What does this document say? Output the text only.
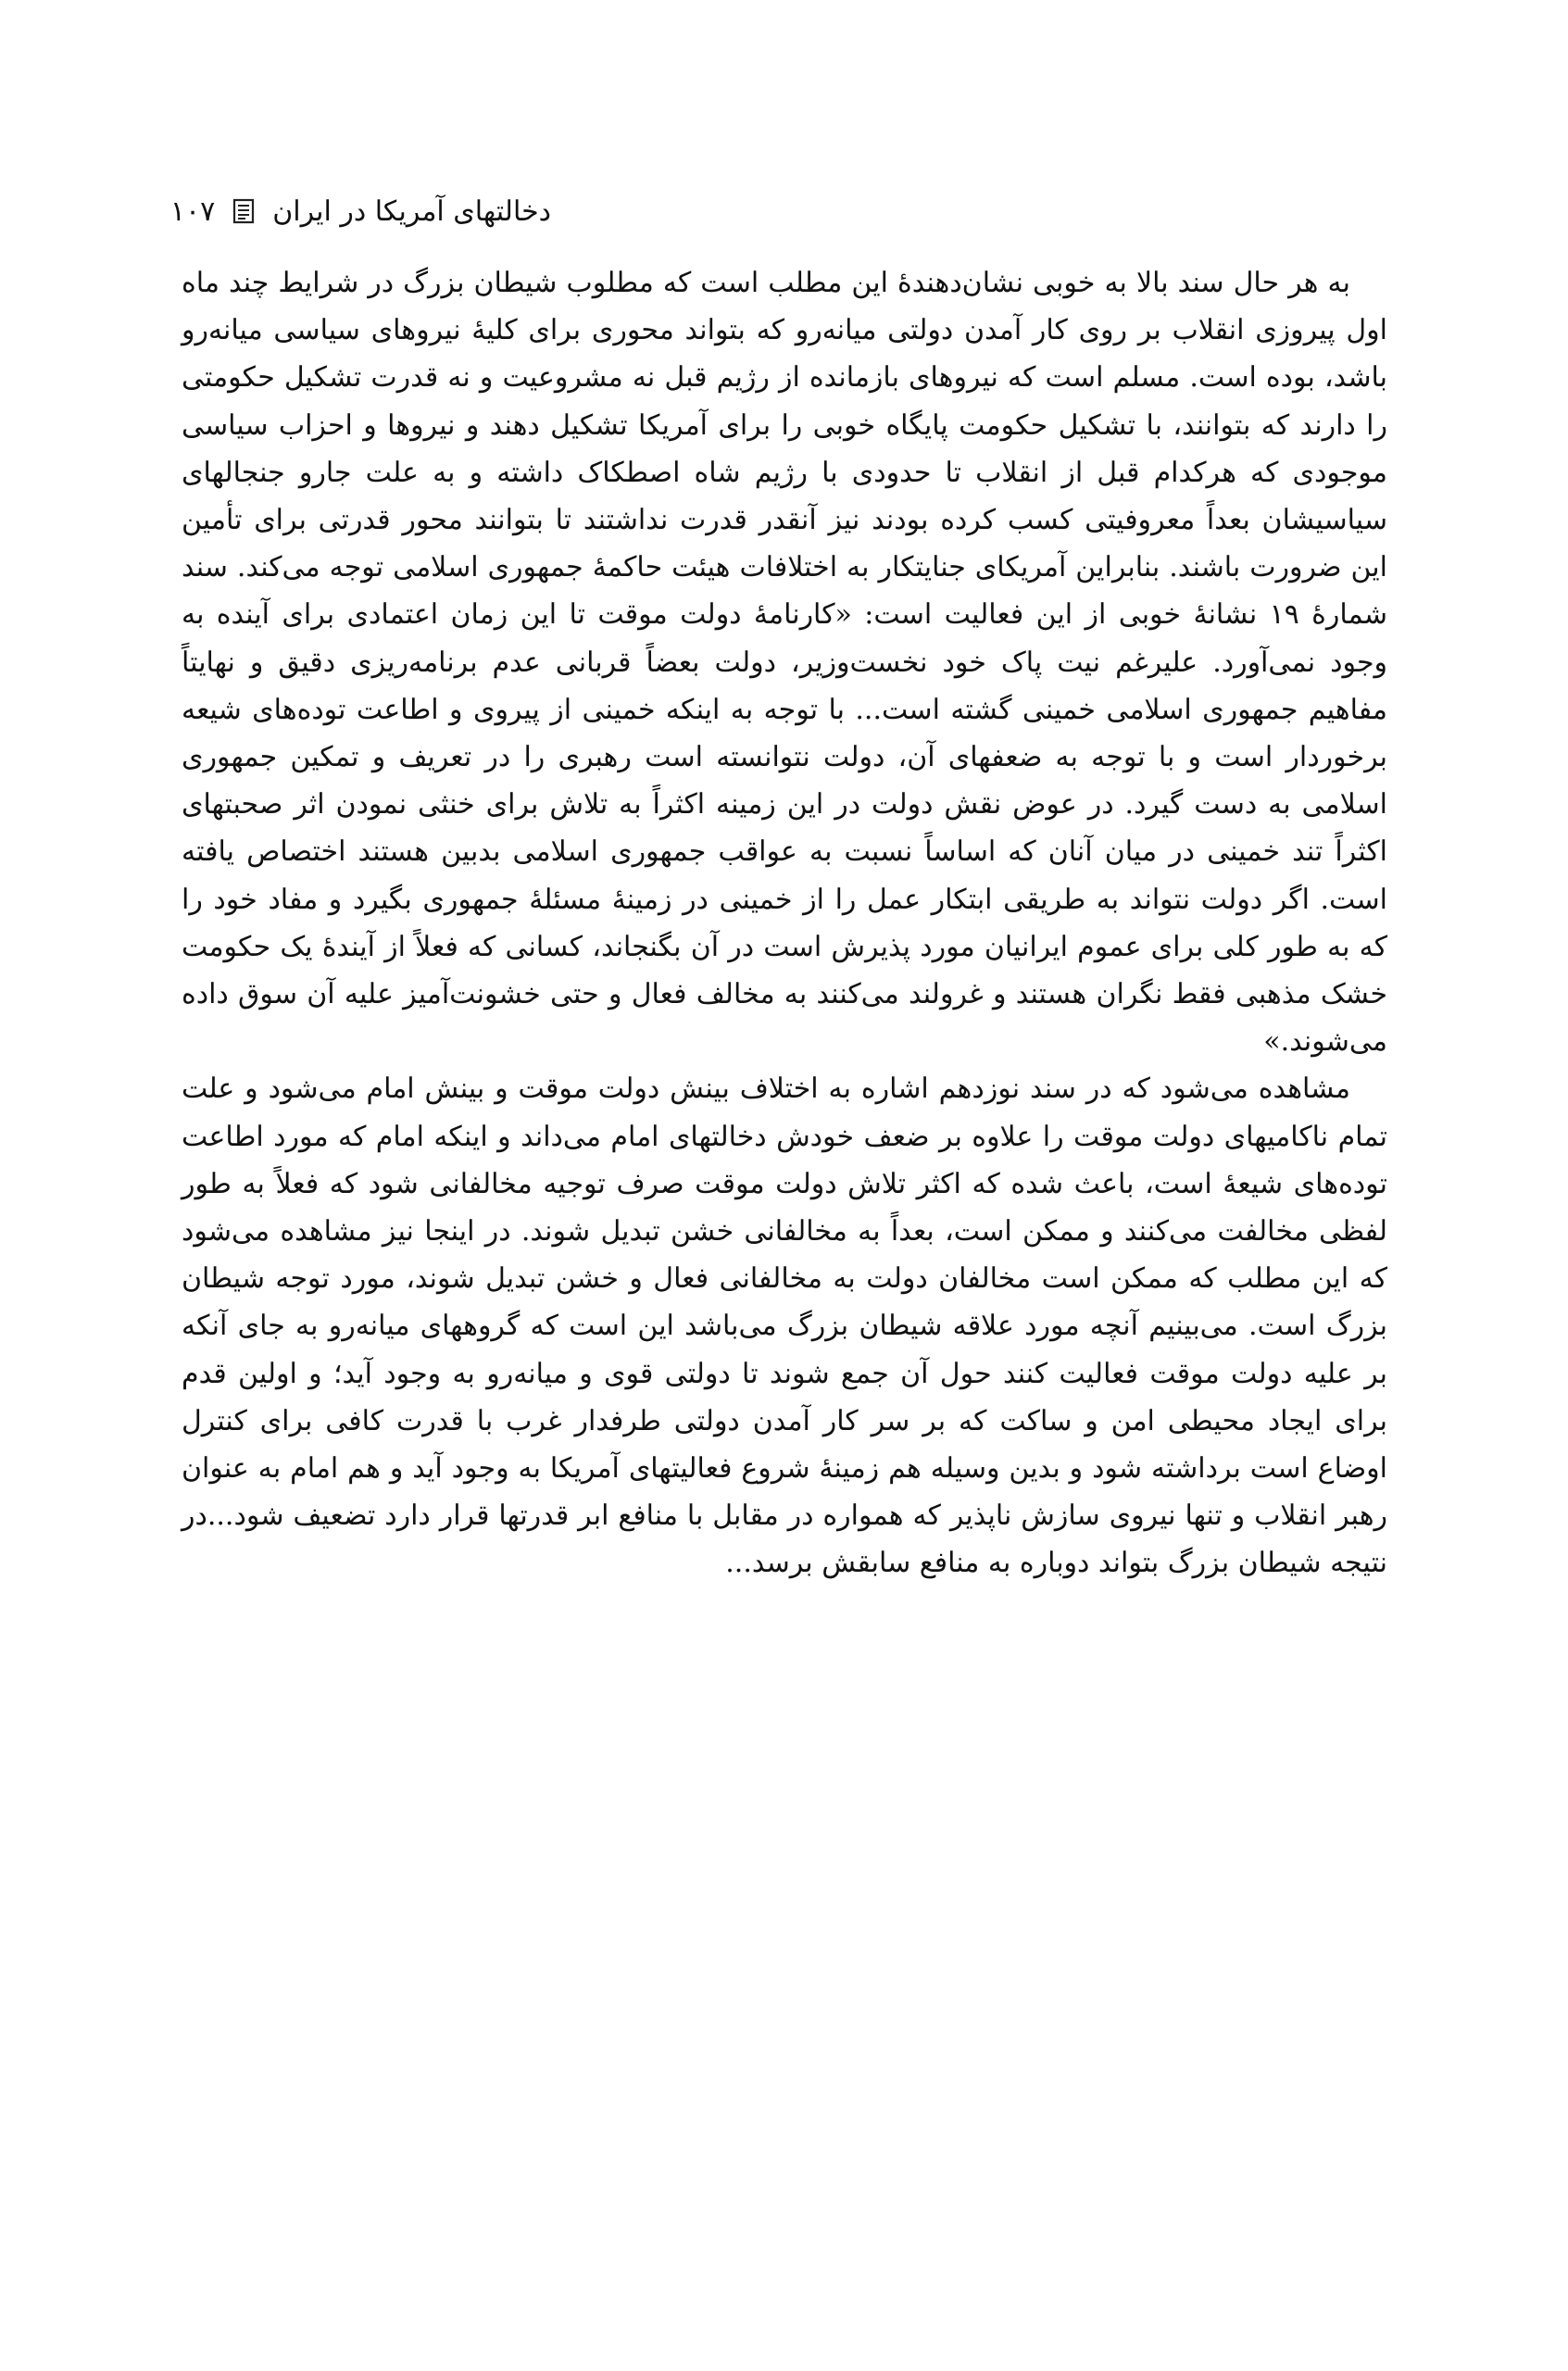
دخالتهای آمریکا در ایران
۱۰۷

به هر حال سند بالا به خوبی نشان‌دهندهٔ این مطلب است که مطلوب شیطان بزرگ در شرایط چند ماه اول پیروزی انقلاب بر روی کار آمدن دولتی میانه‌رو که بتواند محوری برای کلیهٔ نیروهای سیاسی میانه‌رو باشد، بوده است. مسلم است که نیروهای بازمانده از رژیم قبل نه مشروعیت و نه قدرت تشکیل حکومتی را دارند که بتوانند، با تشکیل حکومت پایگاه خوبی را برای آمریکا تشکیل دهند و نیروها و احزاب سیاسی موجودی که هرکدام قبل از انقلاب تا حدودی با رژیم شاه اصطکاک داشته و به علت جارو جنجالهای سیاسیشان بعداً معروفیتی کسب کرده بودند نیز آنقدر قدرت نداشتند تا بتوانند محور قدرتی برای تأمین این ضرورت باشند. بنابراین آمریکای جنایتکار به اختلافات هیئت حاکمهٔ جمهوری اسلامی توجه می‌کند. سند شمارهٔ ۱۹ نشانهٔ خوبی از این فعالیت است: «کارنامهٔ دولت موقت تا این زمان اعتمادی برای آینده به وجود نمی‌آورد. علیرغم نیت پاک خود نخست‌وزیر، دولت بعضاً قربانی عدم برنامه‌ریزی دقیق و نهایتاً مفاهیم جمهوری اسلامی خمینی گشته است... با توجه به اینکه خمینی از پیروی و اطاعت توده‌های شیعه برخوردار است و با توجه به ضعفهای آن، دولت نتوانسته است رهبری را در تعریف و تمکین جمهوری اسلامی به دست گیرد. در عوض نقش دولت در این زمینه اکثراً به تلاش برای خنثی نمودن اثر صحبتهای اکثراً تند خمینی در میان آنان که اساساً نسبت به عواقب جمهوری اسلامی بدبین هستند اختصاص یافته است. اگر دولت نتواند به طریقی ابتکار عمل را از خمینی در زمینهٔ مسئلهٔ جمهوری بگیرد و مفاد خود را که به طور کلی برای عموم ایرانیان مورد پذیرش است در آن بگنجاند، کسانی که فعلاً از آیندهٔ یک حکومت خشک مذهبی فقط نگران هستند و غرولند می‌کنند به مخالف فعال و حتی خشونت‌آمیز علیه آن سوق داده می‌شوند.»

مشاهده می‌شود که در سند نوزدهم اشاره به اختلاف بینش دولت موقت و بینش امام می‌شود و علت تمام ناکامیهای دولت موقت را علاوه بر ضعف خودش دخالتهای امام می‌داند و اینکه امام که مورد اطاعت توده‌های شیعهٔ است، باعث شده که اکثر تلاش دولت موقت صرف توجیه مخالفانی شود که فعلاً به طور لفظی مخالفت می‌کنند و ممکن است، بعداً به مخالفانی خشن تبدیل شوند. در اینجا نیز مشاهده می‌شود که این مطلب که ممکن است مخالفان دولت به مخالفانی فعال و خشن تبدیل شوند، مورد توجه شیطان بزرگ است. می‌بینیم آنچه مورد علاقه شیطان بزرگ می‌باشد این است که گروههای میانه‌رو به جای آنکه بر علیه دولت موقت فعالیت کنند حول آن جمع شوند تا دولتی قوی و میانه‌رو به وجود آید؛ و اولین قدم برای ایجاد محیطی امن و ساکت که بر سر کار آمدن دولتی طرفدار غرب با قدرت کافی برای کنترل اوضاع است برداشته شود و بدین وسیله هم زمینهٔ شروع فعالیتهای آمریکا به وجود آید و هم امام به عنوان رهبر انقلاب و تنها نیروی سازش ناپذیر که همواره در مقابل با منافع ابر قدرتها قرار دارد تضعیف شود...در نتیجه شیطان بزرگ بتواند دوباره به منافع سابقش برسد...
